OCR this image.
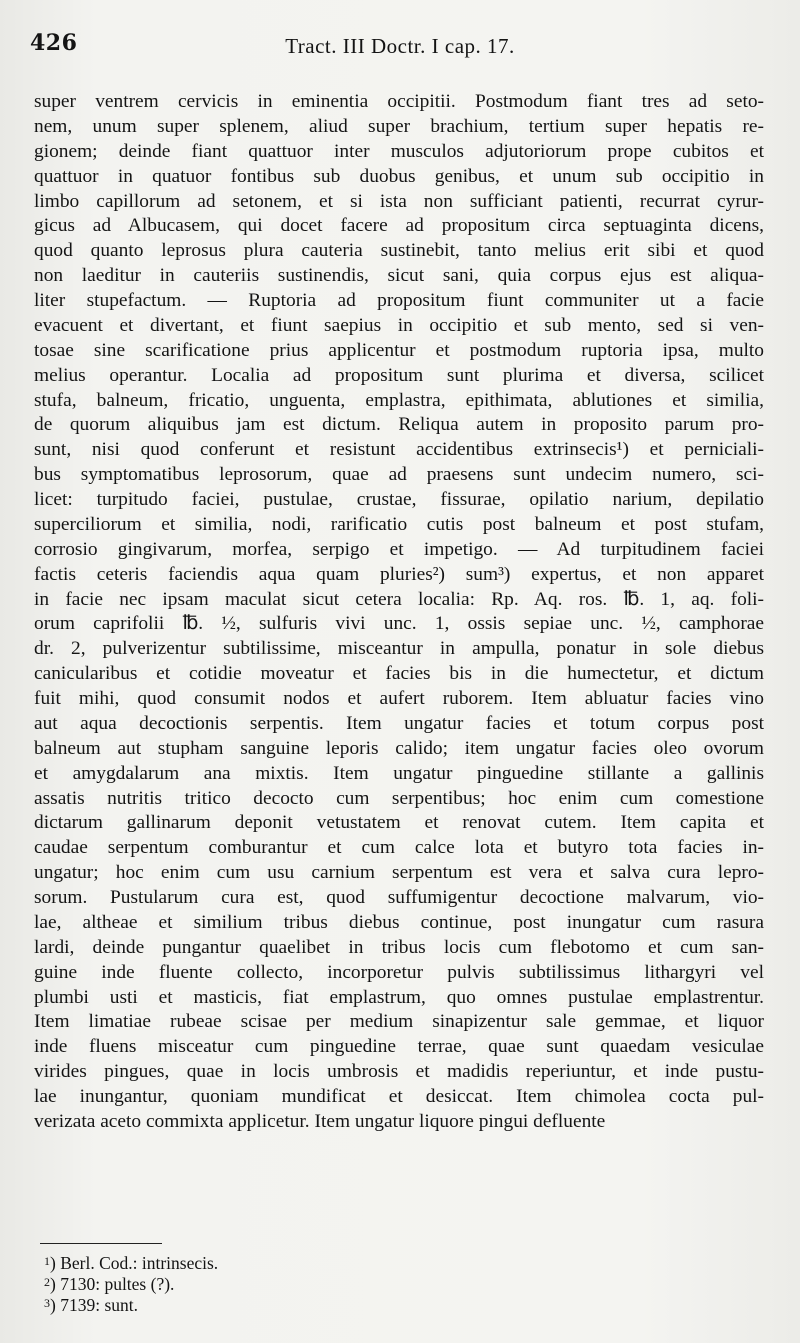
426	Tract. III Doctr. I cap. 17.
super ventrem cervicis in eminentia occipitii. Postmodum fiant tres ad seto-
nem, unum super splenem, aliud super brachium, tertium super hepatis re-
gionem; deinde fiant quattuor inter musculos adjutoriorum prope cubitos et
quattuor in quatuor fontibus sub duobus genibus, et unum sub occipitio in
limbo capillorum ad setonem, et si ista non sufficiant patienti, recurrat cyrur-
gicus ad Albucasem, qui docet facere ad propositum circa septuaginta dicens,
quod quanto leprosus plura cauteria sustinebit, tanto melius erit sibi et quod
non laeditur in cauteriis sustinendis, sicut sani, quia corpus ejus est aliqua-
liter stupefactum. — Ruptoria ad propositum fiunt communiter ut a facie
evacuent et divertant, et fiunt saepius in occipitio et sub mento, sed si ven-
tosae sine scarificatione prius applicentur et postmodum ruptoria ipsa, multo
melius operantur. Localia ad propositum sunt plurima et diversa, scilicet
stufa, balneum, fricatio, unguenta, emplastra, epithimata, ablutiones et similia,
de quorum aliquibus jam est dictum. Reliqua autem in proposito parum pro-
sunt, nisi quod conferunt et resistunt accidentibus extrinsecis¹) et perniciali-
bus symptomatibus leprosorum, quae ad praesens sunt undecim numero, sci-
licet: turpitudo faciei, pustulae, crustae, fissurae, opilatio narium, depilatio
superciliorum et similia, nodi, rarificatio cutis post balneum et post stufam,
corrosio gingivarum, morfea, serpigo et impetigo. — Ad turpitudinem faciei
factis ceteris faciendis aqua quam pluries²) sum³) expertus, et non apparet
in facie nec ipsam maculat sicut cetera localia: Rp. Aq. ros. ℔. 1, aq. foli-
orum caprifolii ℔. ½, sulfuris vivi unc. 1, ossis sepiae unc. ½, camphorae
dr. 2, pulverizentur subtilissime, misceantur in ampulla, ponatur in sole diebus
canicularibus et cotidie moveatur et facies bis in die humectetur, et dictum
fuit mihi, quod consumit nodos et aufert ruborem. Item abluatur facies vino
aut aqua decoctionis serpentis. Item ungatur facies et totum corpus post
balneum aut stupham sanguine leporis calido; item ungatur facies oleo ovorum
et amygdalarum ana mixtis. Item ungatur pinguedine stillante a gallinis
assatis nutritis tritico decocto cum serpentibus; hoc enim cum comestione
dictarum gallinarum deponit vetustatem et renovat cutem. Item capita et
caudae serpentum comburantur et cum calce lota et butyro tota facies in-
ungatur; hoc enim cum usu carnium serpentum est vera et salva cura lepro-
sorum. Pustularum cura est, quod suffumigentur decoctione malvarum, vio-
lae, altheae et similium tribus diebus continue, post inungatur cum rasura
lardi, deinde pungantur quaelibet in tribus locis cum flebotomo et cum san-
guine inde fluente collecto, incorporetur pulvis subtilissimus lithargyri vel
plumbi usti et masticis, fiat emplastrum, quo omnes pustulae emplastrentur.
Item limatiae rubeae scisae per medium sinapizentur sale gemmae, et liquor
inde fluens misceatur cum pinguedine terrae, quae sunt quaedam vesiculae
virides pingues, quae in locis umbrosis et madidis reperiuntur, et inde pustu-
lae inungantur, quoniam mundificat et desiccat. Item chimolea cocta pul-
verizata aceto commixta applicetur. Item ungatur liquore pingui defluente
$^1$) Berl. Cod.: intrinsecis.
$^2$) 7130: pultes (?).
$^3$) 7139: sunt.
